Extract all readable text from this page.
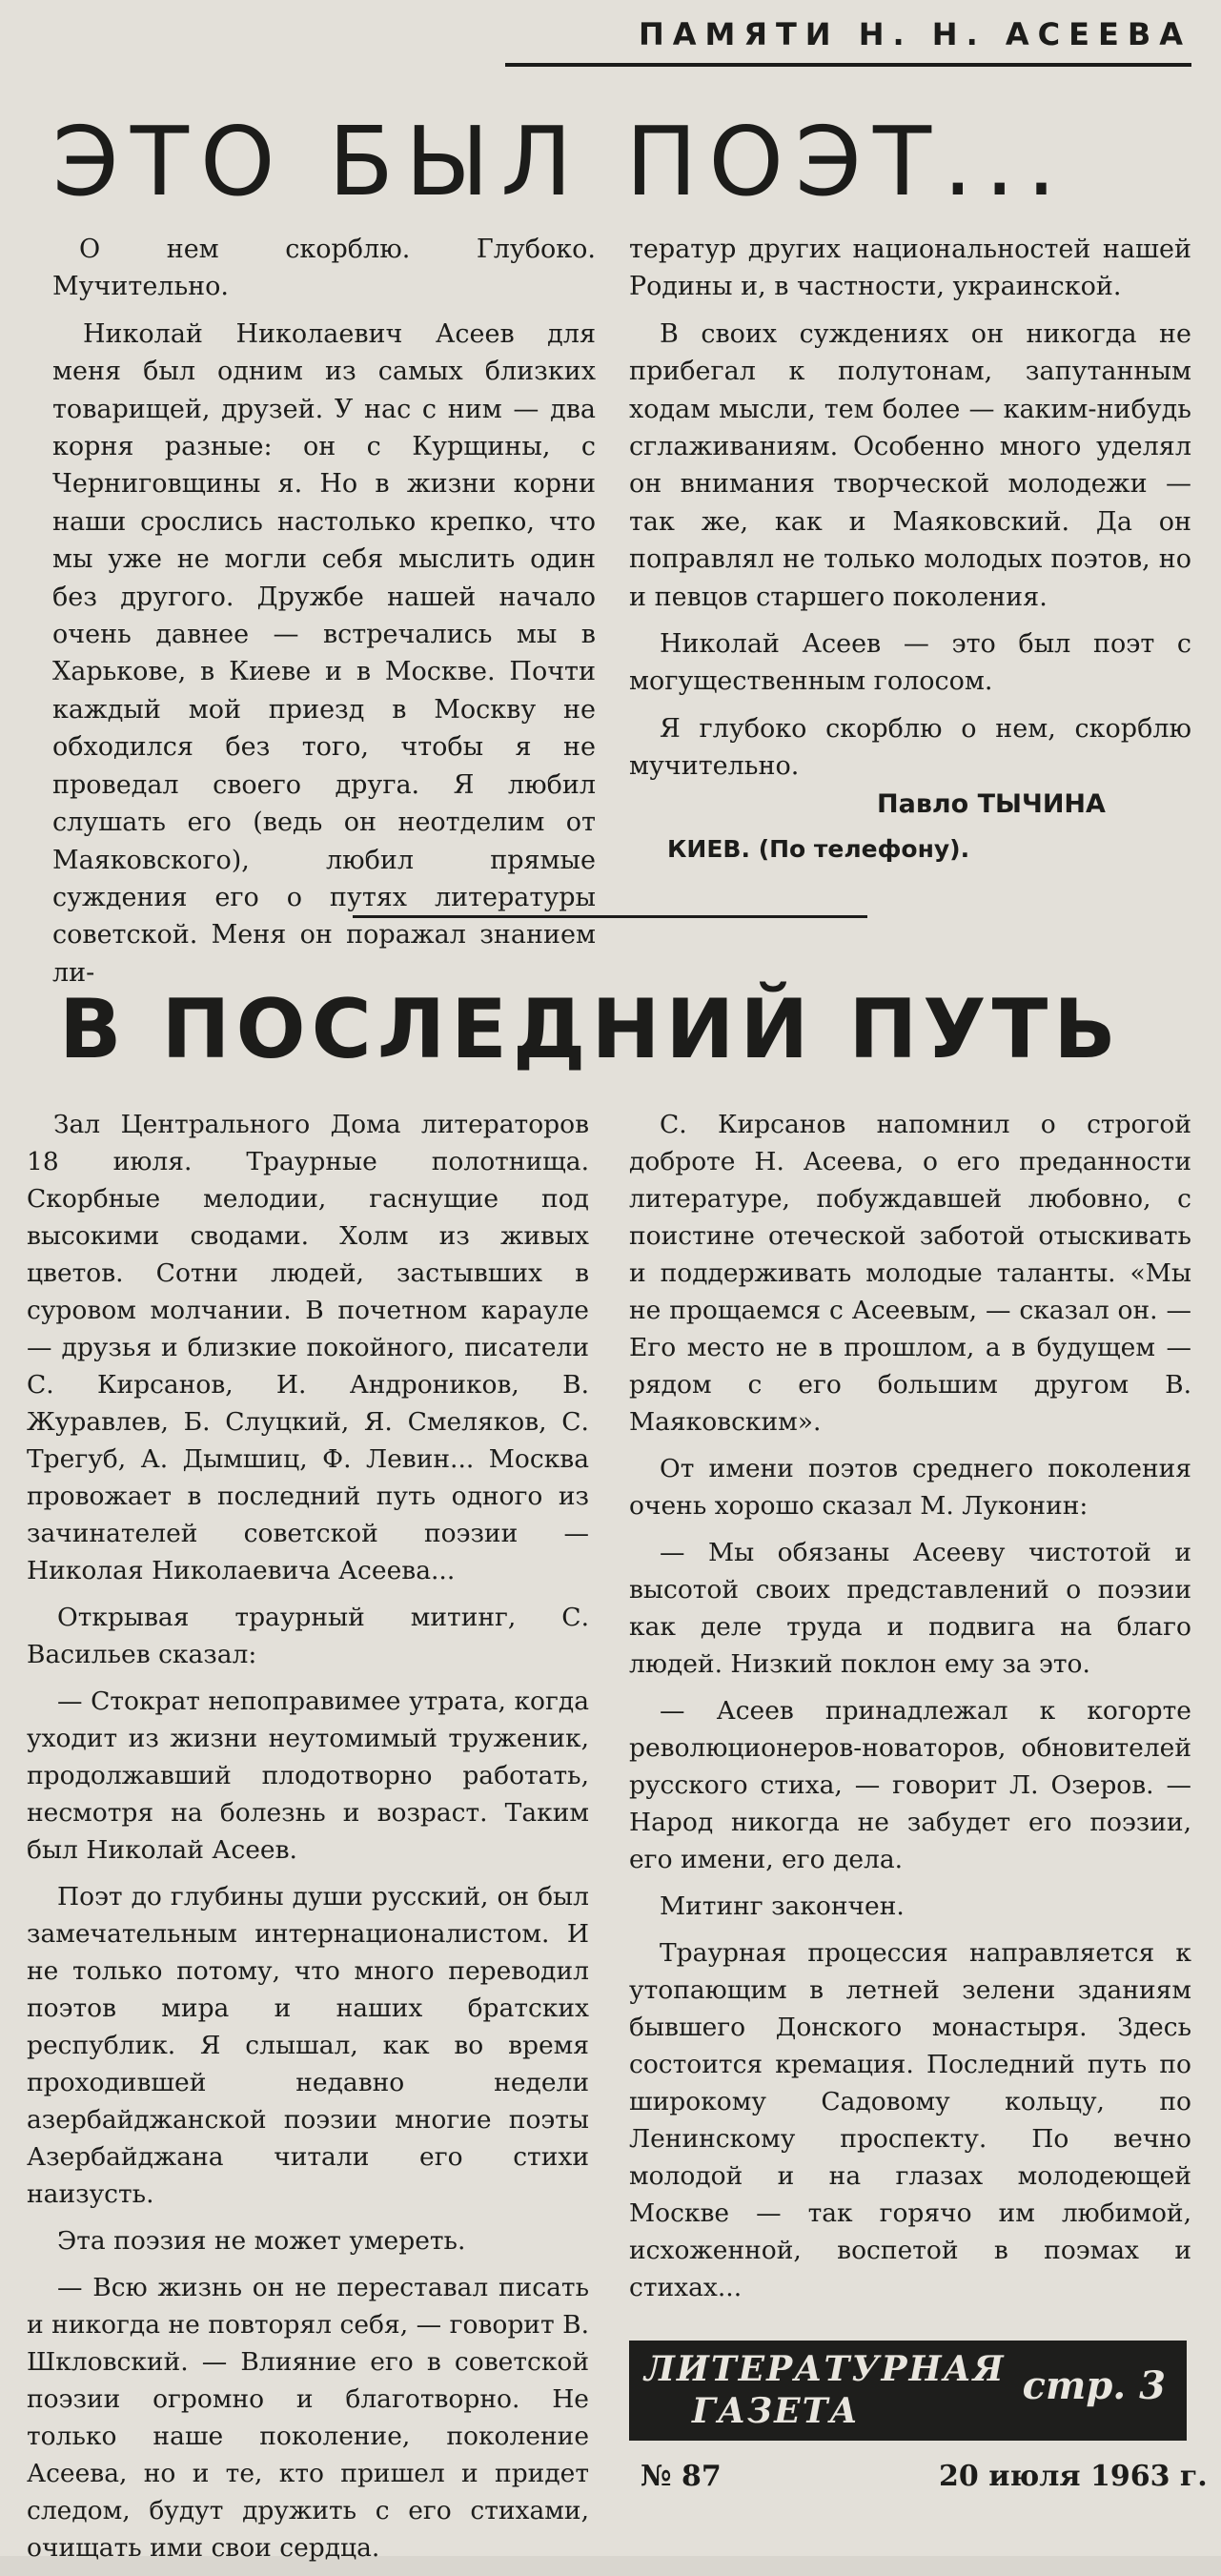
ПАМЯТИ Н. Н. АСЕЕВА
ЭТО БЫЛ ПОЭТ...

О нем скорблю. Глубоко. Мучительно.

Николай Николаевич Асеев для меня был одним из самых близких товарищей, друзей. У нас с ним — два корня разные: он с Курщины, с Черниговщины я. Но в жизни корни наши срослись настолько крепко, что мы уже не могли себя мыслить один без другого. Дружбе нашей начало очень давнее — встречались мы в Харькове, в Киеве и в Москве. Почти каждый мой приезд в Москву не обходился без того, чтобы я не проведал своего друга. Я любил слушать его (ведь он неотделим от Маяковского), любил прямые суждения его о путях литературы советской. Меня он поражал знанием ли-

тератур других национальностей нашей Родины и, в частности, украинской.

В своих суждениях он никогда не прибегал к полутонам, запутанным ходам мысли, тем более — каким-нибудь сглаживаниям. Особенно много уделял он внимания творческой молодежи — так же, как и Маяковский. Да он поправлял не только молодых поэтов, но и певцов старшего поколения.

Николай Асеев — это был поэт с могущественным голосом.

Я глубоко скорблю о нем, скорблю мучительно.

Павло ТЫЧИНА
КИЕВ. (По телефону).
В ПОСЛЕДНИЙ ПУТЬ

Зал Центрального Дома литераторов 18 июля. Траурные полотнища. Скорбные мелодии, гаснущие под высокими сводами. Холм из живых цветов. Сотни людей, застывших в суровом молчании. В почетном карауле — друзья и близкие покойного, писатели С. Кирсанов, И. Андроников, В. Журавлев, Б. Слуцкий, Я. Смеляков, С. Трегуб, А. Дымшиц, Ф. Левин... Москва провожает в последний путь одного из зачинателей советской поэзии — Николая Николаевича Асеева...

Открывая траурный митинг, С. Васильев сказал:

— Стократ непоправимее утрата, когда уходит из жизни неутомимый труженик, продолжавший плодотворно работать, несмотря на болезнь и возраст. Таким был Николай Асеев.

Поэт до глубины души русский, он был замечательным интернационалистом. И не только потому, что много переводил поэтов мира и наших братских республик. Я слышал, как во время проходившей недавно недели азербайджанской поэзии многие поэты Азербайджана читали его стихи наизусть.

Эта поэзия не может умереть.

— Всю жизнь он не переставал писать и никогда не повторял себя, — говорит В. Шкловский. — Влияние его в советской поэзии огромно и благотворно. Не только наше поколение, поколение Асеева, но и те, кто пришел и придет следом, будут дружить с его стихами, очищать ими свои сердца.

С. Кирсанов напомнил о строгой доброте Н. Асеева, о его преданности литературе, побуждавшей любовно, с поистине отеческой заботой отыскивать и поддерживать молодые таланты. «Мы не прощаемся с Асеевым, — сказал он. — Его место не в прошлом, а в будущем — рядом с его большим другом В. Маяковским».

От имени поэтов среднего поколения очень хорошо сказал М. Луконин:

— Мы обязаны Асееву чистотой и высотой своих представлений о поэзии как деле труда и подвига на благо людей. Низкий поклон ему за это.

— Асеев принадлежал к когорте революционеров-новаторов, обновителей русского стиха, — говорит Л. Озеров. — Народ никогда не забудет его поэзии, его имени, его дела.

Митинг закончен.

Траурная процессия направляется к утопающим в летней зелени зданиям бывшего Донского монастыря. Здесь состоится кремация. Последний путь по широкому Садовому кольцу, по Ленинскому проспекту. По вечно молодой и на глазах молодеющей Москве — так горячо им любимой, исхоженной, воспетой в поэмах и стихах...

ЛИТЕРАТУРНАЯ
ГАЗЕТА
стр. 3
№ 87	20 июля 1963 г.
